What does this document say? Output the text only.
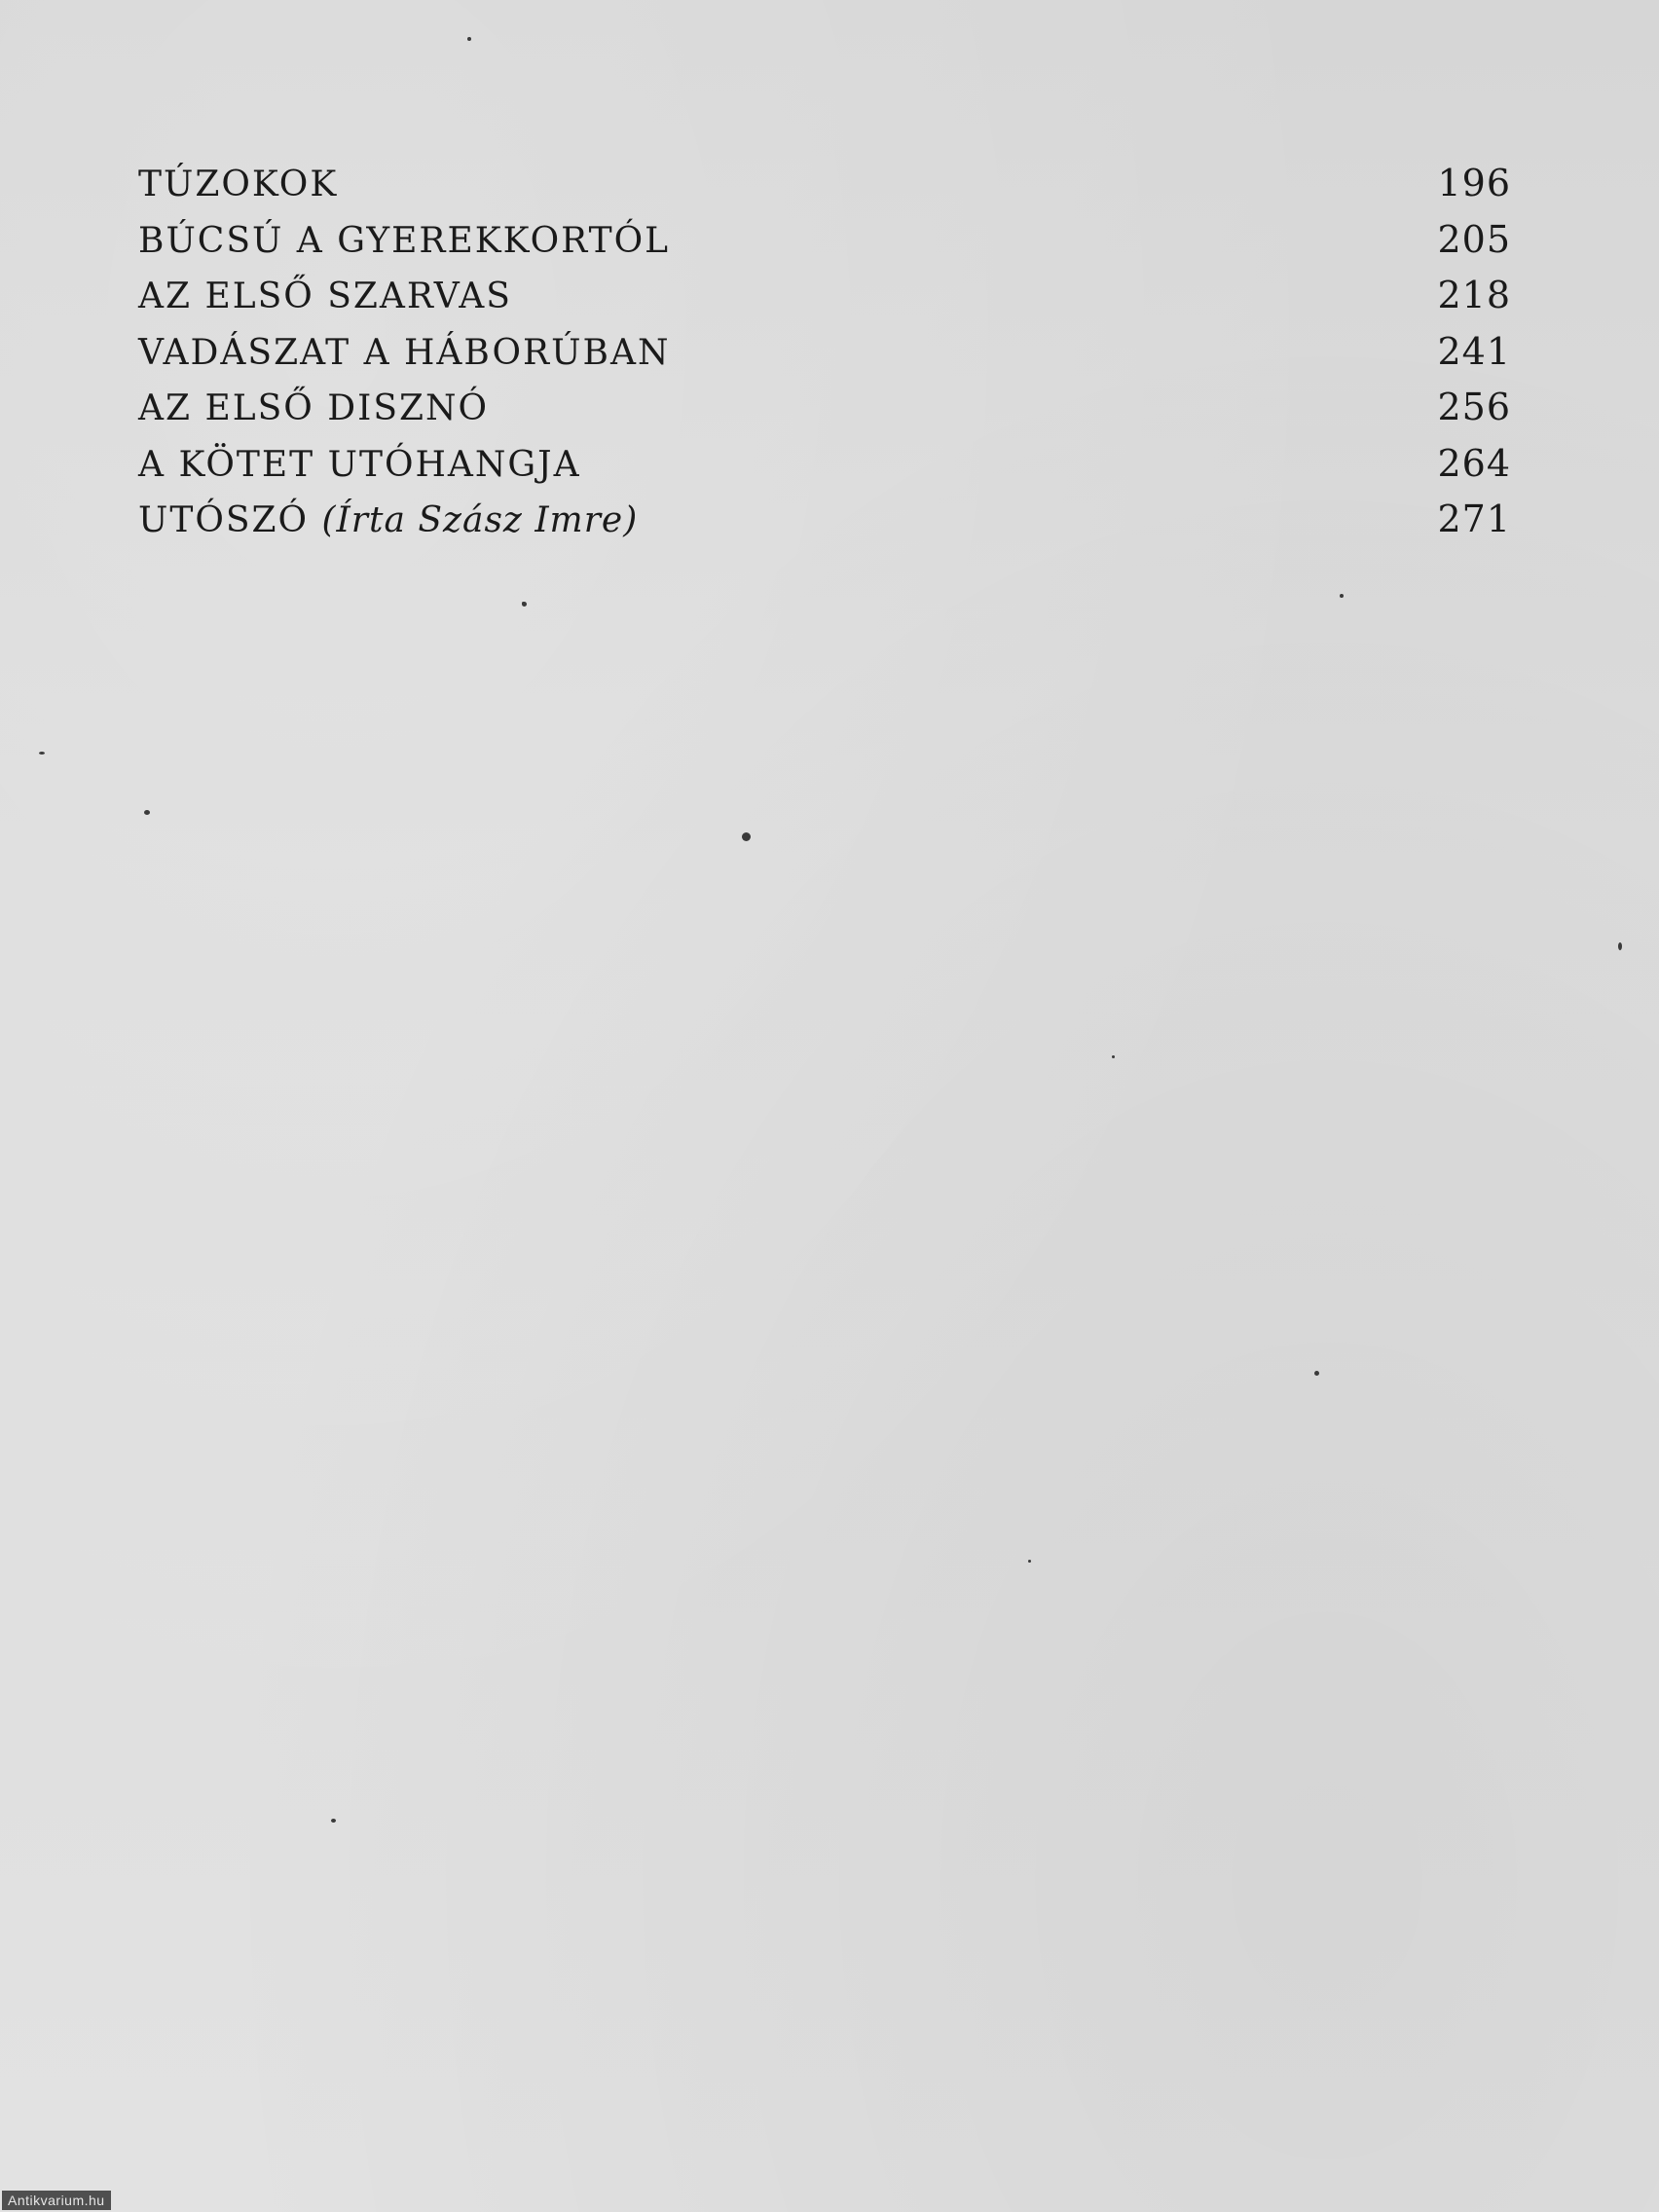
TÚZOKOK	196
BÚCSÚ A GYEREKKORTÓL	205
AZ ELSŐ SZARVAS	218
VADÁSZAT A HÁBORÚBAN	241
AZ ELSŐ DISZNÓ	256
A KÖTET UTÓHANGJA	264
UTÓSZÓ (Írta Szász Imre)	271
Antikvarium.hu
